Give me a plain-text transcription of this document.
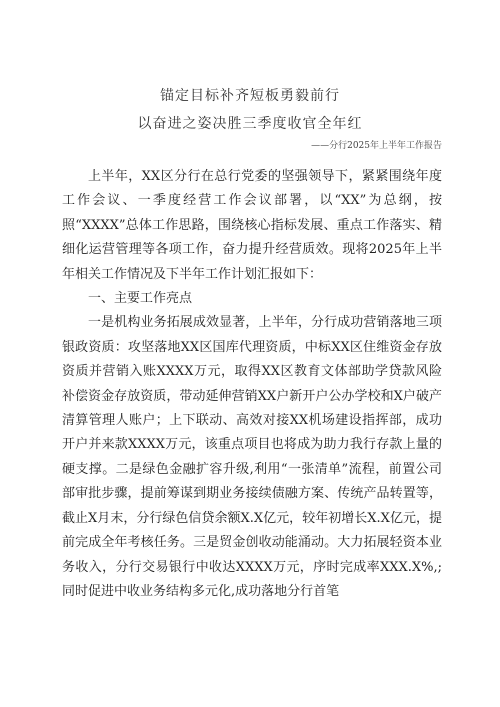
锚定目标补齐短板勇毅前行
以奋进之姿决胜三季度收官全年红
——分行2025年上半年工作报告

上半年，XX区分行在总行党委的坚强领导下，紧紧围绕年度工作会议、一季度经营工作会议部署，以“XX”为总纲，按照“XXXX”总体工作思路，围绕核心指标发展、重点工作落实、精细化运营管理等各项工作，奋力提升经营质效。现将2025年上半年相关工作情况及下半年工作计划汇报如下：

一、主要工作亮点

一是机构业务拓展成效显著，上半年，分行成功营销落地三项银政资质：攻坚落地XX区国库代理资质，中标XX区住维资金存放资质并营销入账XXXX万元，取得XX区教育文体部助学贷款风险补偿资金存放资质，带动延伸营销XX户新开户公办学校和X户破产清算管理人账户；上下联动、高效对接XX机场建设指挥部，成功开户并来款XXXX万元，该重点项目也将成为助力我行存款上量的硬支撑。二是绿色金融扩容升级,利用“一张清单”流程，前置公司部审批步骤，提前筹谋到期业务接续债融方案、传统产品转置等，截止X月末，分行绿色信贷余额X.X亿元，较年初增长X.X亿元，提前完成全年考核任务。三是贸金创收动能涌动。大力拓展轻资本业务收入，分行交易银行中收达XXXX万元，序时完成率XXX.X%,;同时促进中收业务结构多元化,成功落地分行首笔
